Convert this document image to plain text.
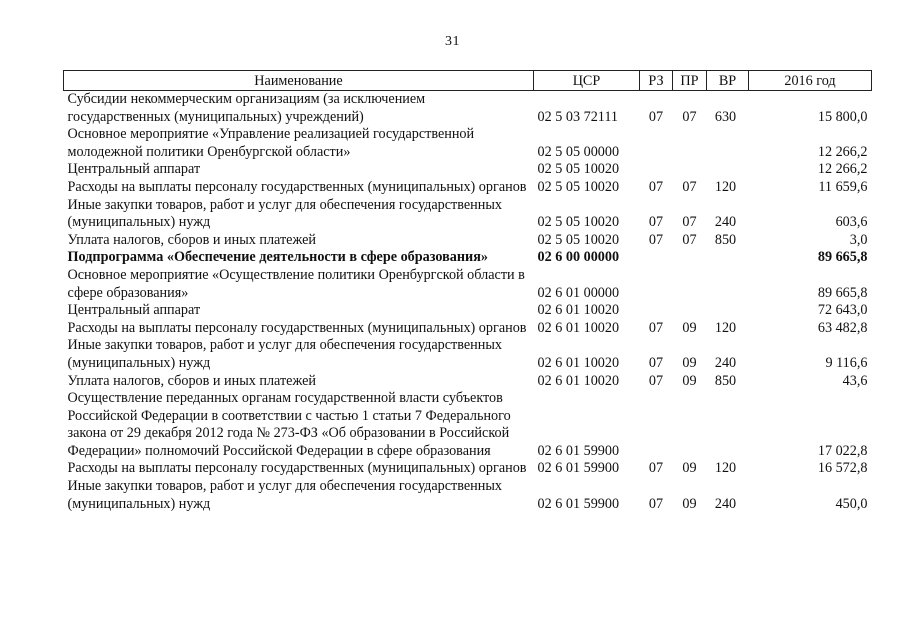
31
Наименование	ЦСР	РЗ	ПР	ВР	2016 год
Субсидии некоммерческим организациям (за исключением государственных (муниципальных) учреждений)	02 5 03 72111	07	07	630	15 800,0
Основное мероприятие «Управление реализацией государственной молодежной политики Оренбургской области»	02 5 05 00000				12 266,2
Центральный аппарат	02 5 05 10020				12 266,2
Расходы на выплаты персоналу государственных (муниципальных) органов	02 5 05 10020	07	07	120	11 659,6
Иные закупки товаров, работ и услуг для обеспечения государственных (муниципальных) нужд	02 5 05 10020	07	07	240	603,6
Уплата налогов, сборов и иных платежей	02 5 05 10020	07	07	850	3,0
Подпрограмма «Обеспечение деятельности в сфере образования»	02 6 00 00000				89 665,8
Основное мероприятие «Осуществление политики Оренбургской области в сфере образования»	02 6 01 00000				89 665,8
Центральный аппарат	02 6 01 10020				72 643,0
Расходы на выплаты персоналу государственных (муниципальных) органов	02 6 01 10020	07	09	120	63 482,8
Иные закупки товаров, работ и услуг для обеспечения государственных (муниципальных) нужд	02 6 01 10020	07	09	240	9 116,6
Уплата налогов, сборов и иных платежей	02 6 01 10020	07	09	850	43,6
Осуществление переданных органам государственной власти субъектов Российской Федерации в соответствии с частью 1 статьи 7 Федерального закона от 29 декабря 2012 года № 273-ФЗ «Об образовании в Российской Федерации» полномочий Российской Федерации в сфере образования	02 6 01 59900				17 022,8
Расходы на выплаты персоналу государственных (муниципальных) органов	02 6 01 59900	07	09	120	16 572,8
Иные закупки товаров, работ и услуг для обеспечения государственных (муниципальных) нужд	02 6 01 59900	07	09	240	450,0
